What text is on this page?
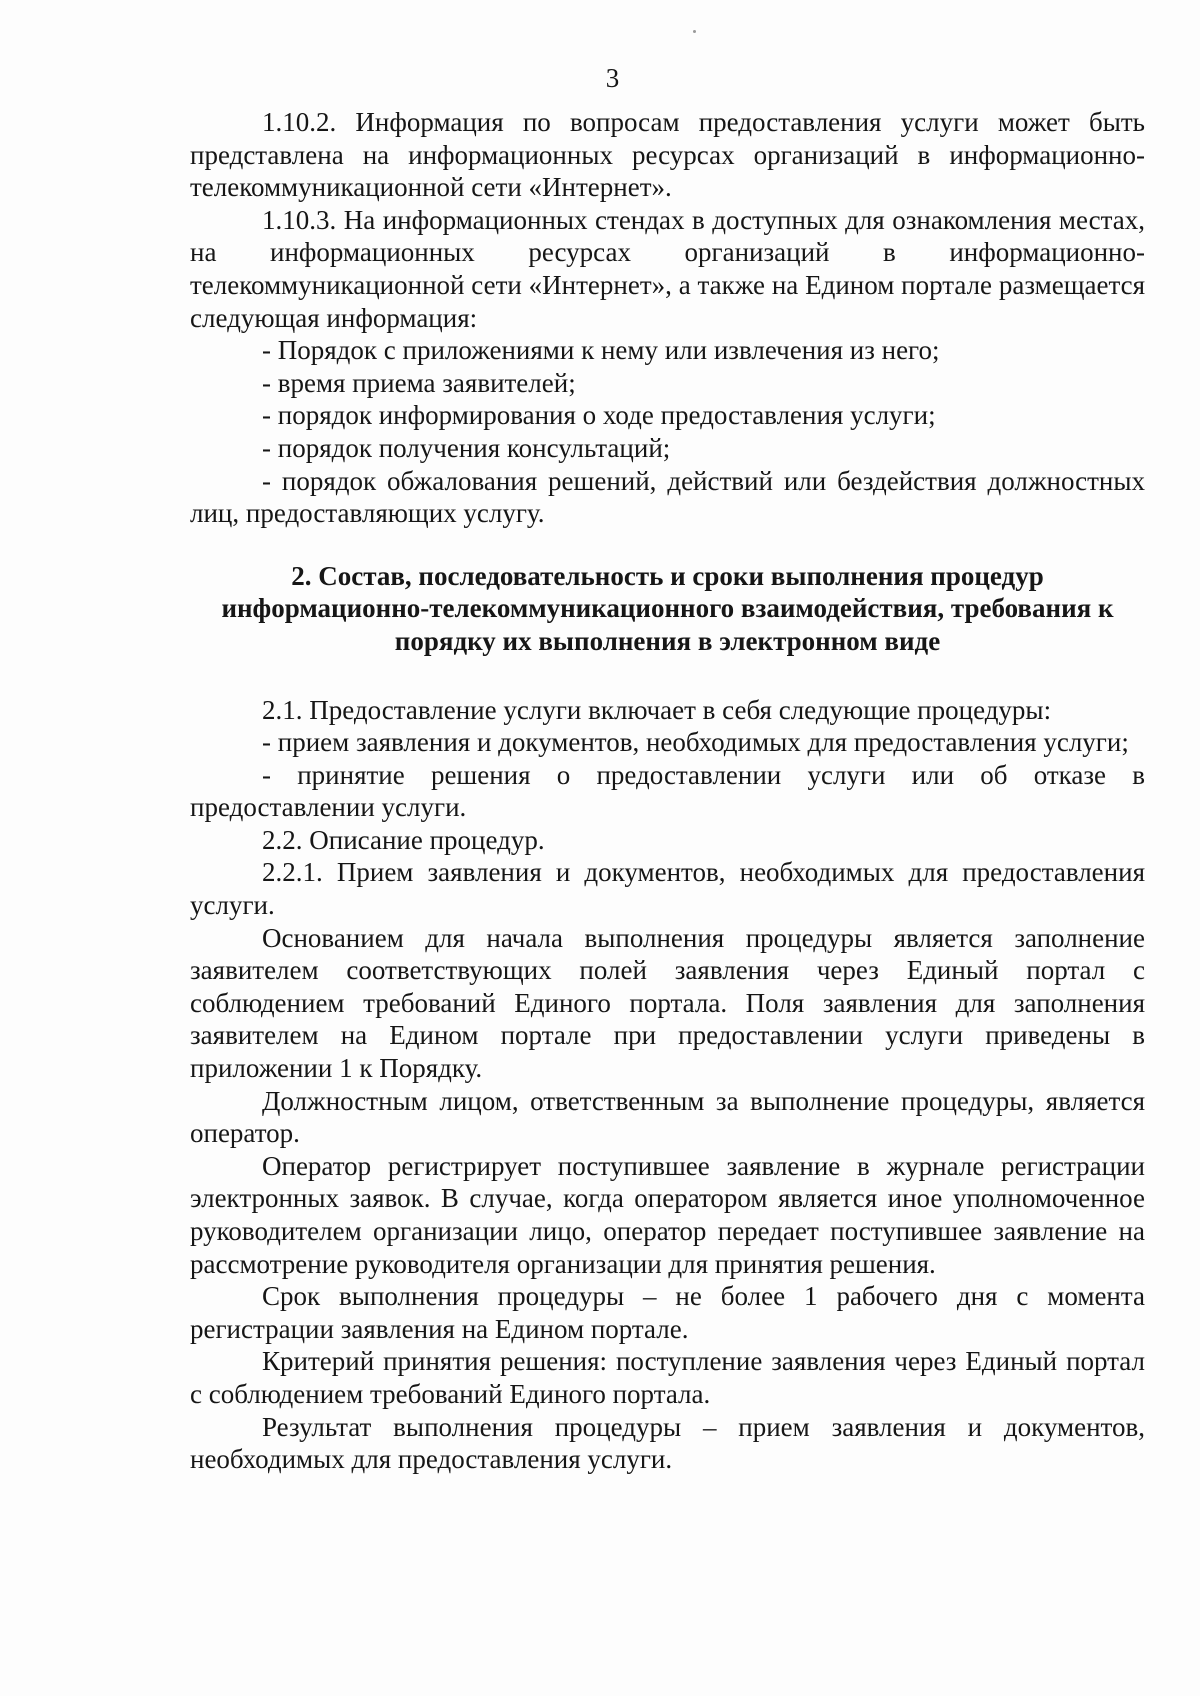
3

1.10.2. Информация по вопросам предоставления услуги может быть представлена на информационных ресурсах организаций в информационно-телекоммуникационной сети «Интернет».

1.10.3. На информационных стендах в доступных для ознакомления местах, на информационных ресурсах организаций в информационно-телекоммуникационной сети «Интернет», а также на Едином портале размещается следующая информация:

- Порядок с приложениями к нему или извлечения из него;

- время приема заявителей;

- порядок информирования о ходе предоставления услуги;

- порядок получения консультаций;

- порядок обжалования решений, действий или бездействия должностных лиц, предоставляющих услугу.

2. Состав, последовательность и сроки выполнения процедур
информационно-телекоммуникационного взаимодействия, требования к
порядку их выполнения в электронном виде

2.1. Предоставление услуги включает в себя следующие процедуры:

- прием заявления и документов, необходимых для предоставления услуги;

- принятие решения о предоставлении услуги или об отказе в предоставлении услуги.

2.2. Описание процедур.

2.2.1. Прием заявления и документов, необходимых для предоставления услуги.

Основанием для начала выполнения процедуры является заполнение заявителем соответствующих полей заявления через Единый портал с соблюдением требований Единого портала. Поля заявления для заполнения заявителем на Едином портале при предоставлении услуги приведены в приложении 1 к Порядку.

Должностным лицом, ответственным за выполнение процедуры, является оператор.

Оператор регистрирует поступившее заявление в журнале регистрации электронных заявок. В случае, когда оператором является иное уполномоченное руководителем организации лицо, оператор передает поступившее заявление на рассмотрение руководителя организации для принятия решения.

Срок выполнения процедуры – не более 1 рабочего дня с момента регистрации заявления на Едином портале.

Критерий принятия решения: поступление заявления через Единый портал с соблюдением требований Единого портала.

Результат выполнения процедуры – прием заявления и документов, необходимых для предоставления услуги.
